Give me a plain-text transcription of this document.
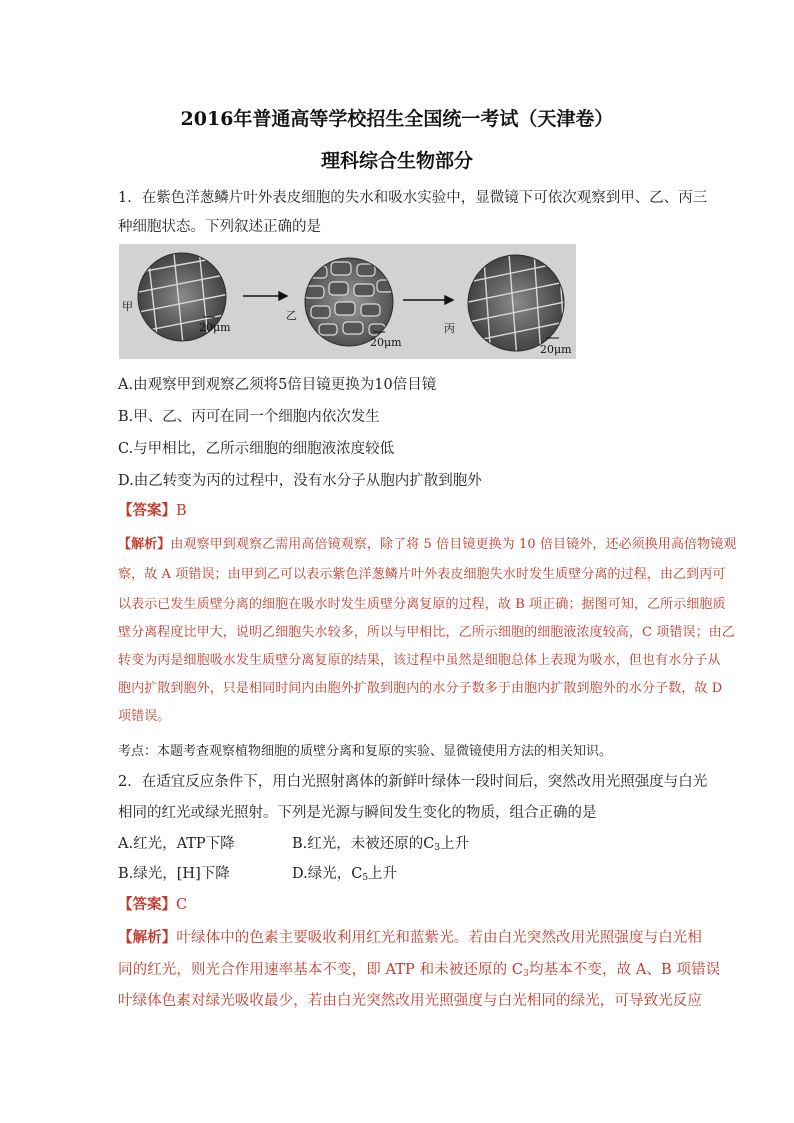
2016年普通高等学校招生全国统一考试（天津卷）
理科综合生物部分
1．在紫色洋葱鳞片叶外表皮细胞的失水和吸水实验中，显微镜下可依次观察到甲、乙、丙三
种细胞状态。下列叙述正确的是
甲
20μm
乙
20μm
丙
20μm
A.由观察甲到观察乙须将5倍目镜更换为10倍目镜
B.甲、乙、丙可在同一个细胞内依次发生
C.与甲相比，乙所示细胞的细胞液浓度较低
D.由乙转变为丙的过程中，没有水分子从胞内扩散到胞外
【答案】B
【解析】由观察甲到观察乙需用高倍镜观察，除了将 5 倍目镜更换为 10 倍目镜外，还必须换用高倍物镜观
察，故 A 项错误；由甲到乙可以表示紫色洋葱鳞片叶外表皮细胞失水时发生质壁分离的过程，由乙到丙可
以表示已发生质壁分离的细胞在吸水时发生质壁分离复原的过程，故 B 项正确；据图可知，乙所示细胞质
壁分离程度比甲大，说明乙细胞失水较多，所以与甲相比，乙所示细胞的细胞液浓度较高，C 项错误；由乙
转变为丙是细胞吸水发生质壁分离复原的结果，该过程中虽然是细胞总体上表现为吸水，但也有水分子从
胞内扩散到胞外，只是相同时间内由胞外扩散到胞内的水分子数多于由胞内扩散到胞外的水分子数，故 D
项错误。
考点：本题考查观察植物细胞的质壁分离和复原的实验、显微镜使用方法的相关知识。
2．在适宜反应条件下，用白光照射离体的新鲜叶绿体一段时间后，突然改用光照强度与白光
相同的红光或绿光照射。下列是光源与瞬间发生变化的物质，组合正确的是
A.红光，ATP下降	B.红光，未被还原的$C_3$上升
B.绿光，[H]下降	D.绿光，$C_5$上升
【答案】C
【解析】叶绿体中的色素主要吸收利用红光和蓝紫光。若由白光突然改用光照强度与白光相
同的红光，则光合作用速率基本不变，即 ATP 和未被还原的 $C_3$均基本不变，故 A、B 项错误
叶绿体色素对绿光吸收最少，若由白光突然改用光照强度与白光相同的绿光，可导致光反应
